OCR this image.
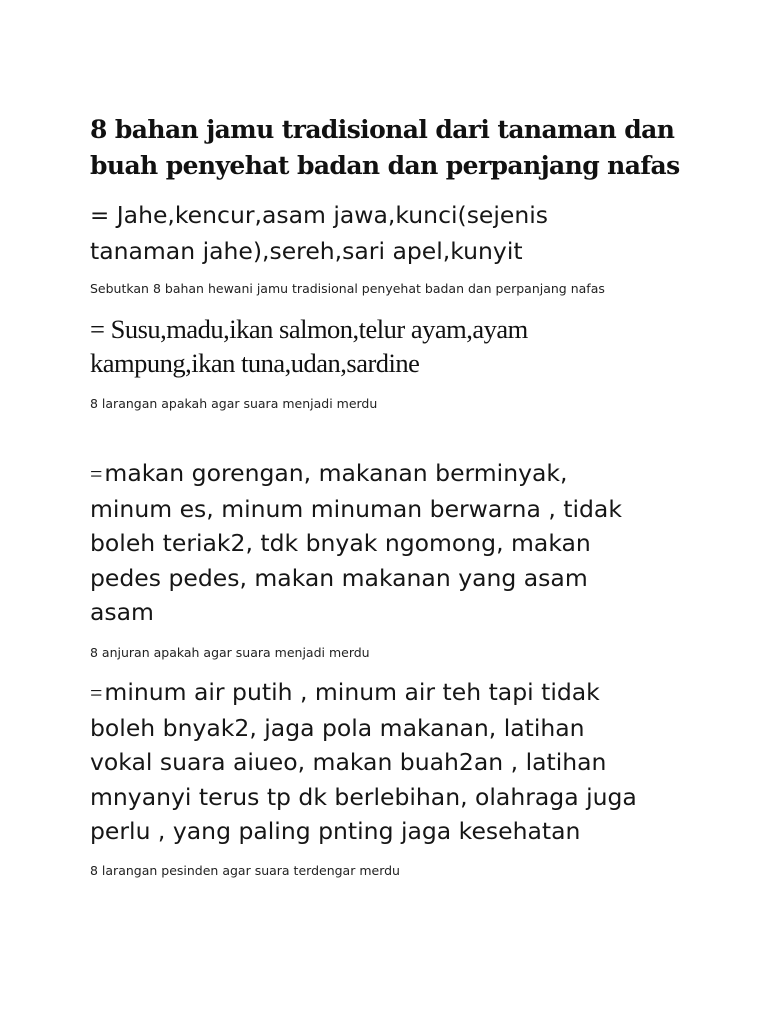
8 bahan jamu tradisional dari tanaman dan
buah penyehat badan dan perpanjang nafas

= Jahe,kencur,asam jawa,kunci(sejenis
tanaman jahe),sereh,sari apel,kunyit

Sebutkan 8 bahan hewani jamu tradisional penyehat badan dan perpanjang nafas

= Susu,madu,ikan salmon,telur ayam,ayam
kampung,ikan tuna,udan,sardine

8 larangan apakah agar suara menjadi merdu

=makan gorengan, makanan berminyak,
minum es, minum minuman berwarna , tidak
boleh teriak2, tdk bnyak ngomong, makan
pedes pedes, makan makanan yang asam
asam

8 anjuran apakah agar suara menjadi merdu

=minum air putih , minum air teh tapi tidak
boleh bnyak2, jaga pola makanan, latihan
vokal suara aiueo, makan buah2an , latihan
mnyanyi terus tp dk berlebihan, olahraga juga
perlu , yang paling pnting jaga kesehatan

8 larangan pesinden agar suara terdengar merdu
